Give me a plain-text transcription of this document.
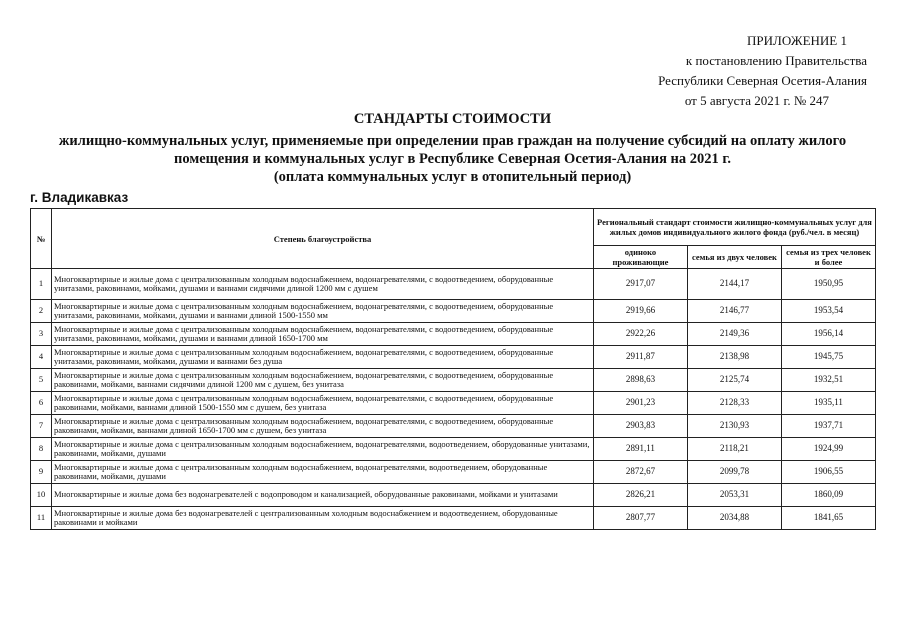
ПРИЛОЖЕНИЕ 1
к постановлению Правительства
Республики Северная Осетия-Алания
от 5 августа 2021 г. № 247
СТАНДАРТЫ СТОИМОСТИ
жилищно-коммунальных услуг, применяемые при определении прав граждан на получение субсидий на оплату жилого
помещения и коммунальных услуг в Республике Северная Осетия-Алания на 2021 г.
(оплата коммунальных услуг в отопительный период)
г. Владикавказ
№	Степень благоустройства	Региональный стандарт стоимости жилищно-коммунальных услуг для жилых домов индивидуального жилого фонда (руб./чел. в месяц)		
		одиноко проживающие	семья из двух человек	семья из трех человек и более
1	Многоквартирные и жилые дома с централизованным холодным водоснабжением, водонагревателями, с водоотведением, оборудованные унитазами, раковинами, мойками, душами и ваннами сидячими длиной 1200 мм с душем	2917,07	2144,17	1950,95
2	Многоквартирные и жилые дома с централизованным холодным водоснабжением, водонагревателями, с водоотведением, оборудованные унитазами, раковинами, мойками, душами и ваннами длиной 1500-1550 мм	2919,66	2146,77	1953,54
3	Многоквартирные и жилые дома с централизованным холодным водоснабжением, водонагревателями, с водоотведением, оборудованные унитазами, раковинами, мойками, душами и ваннами длиной 1650-1700 мм	2922,26	2149,36	1956,14
4	Многоквартирные и жилые дома с централизованным холодным водоснабжением, водонагревателями, с водоотведением, оборудованные унитазами, раковинами, мойками, душами и ваннами без душа	2911,87	2138,98	1945,75
5	Многоквартирные и жилые дома с централизованным холодным водоснабжением, водонагревателями, с водоотведением, оборудованные раковинами, мойками, ваннами сидячими длиной 1200 мм с душем, без унитаза	2898,63	2125,74	1932,51
6	Многоквартирные и жилые дома с централизованным холодным водоснабжением, водонагревателями, с водоотведением, оборудованные раковинами, мойками, ваннами длиной 1500-1550 мм с душем, без унитаза	2901,23	2128,33	1935,11
7	Многоквартирные и жилые дома с централизованным холодным водоснабжением, водонагревателями, с водоотведением, оборудованные раковинами, мойками, ваннами длиной 1650-1700 мм с душем, без унитаза	2903,83	2130,93	1937,71
8	Многоквартирные и жилые дома с централизованным холодным водоснабжением, водонагревателями, водоотведением, оборудованные унитазами, раковинами, мойками, душами	2891,11	2118,21	1924,99
9	Многоквартирные и жилые дома с централизованным холодным водоснабжением, водонагревателями, водоотведением, оборудованные раковинами, мойками, душами	2872,67	2099,78	1906,55
10	Многоквартирные и жилые дома без водонагревателей с водопроводом и канализацией, оборудованные раковинами, мойками и унитазами	2826,21	2053,31	1860,09
11	Многоквартирные и жилые дома без водонагревателей с централизованным холодным водоснабжением и водоотведением, оборудованные раковинами и мойками	2807,77	2034,88	1841,65
